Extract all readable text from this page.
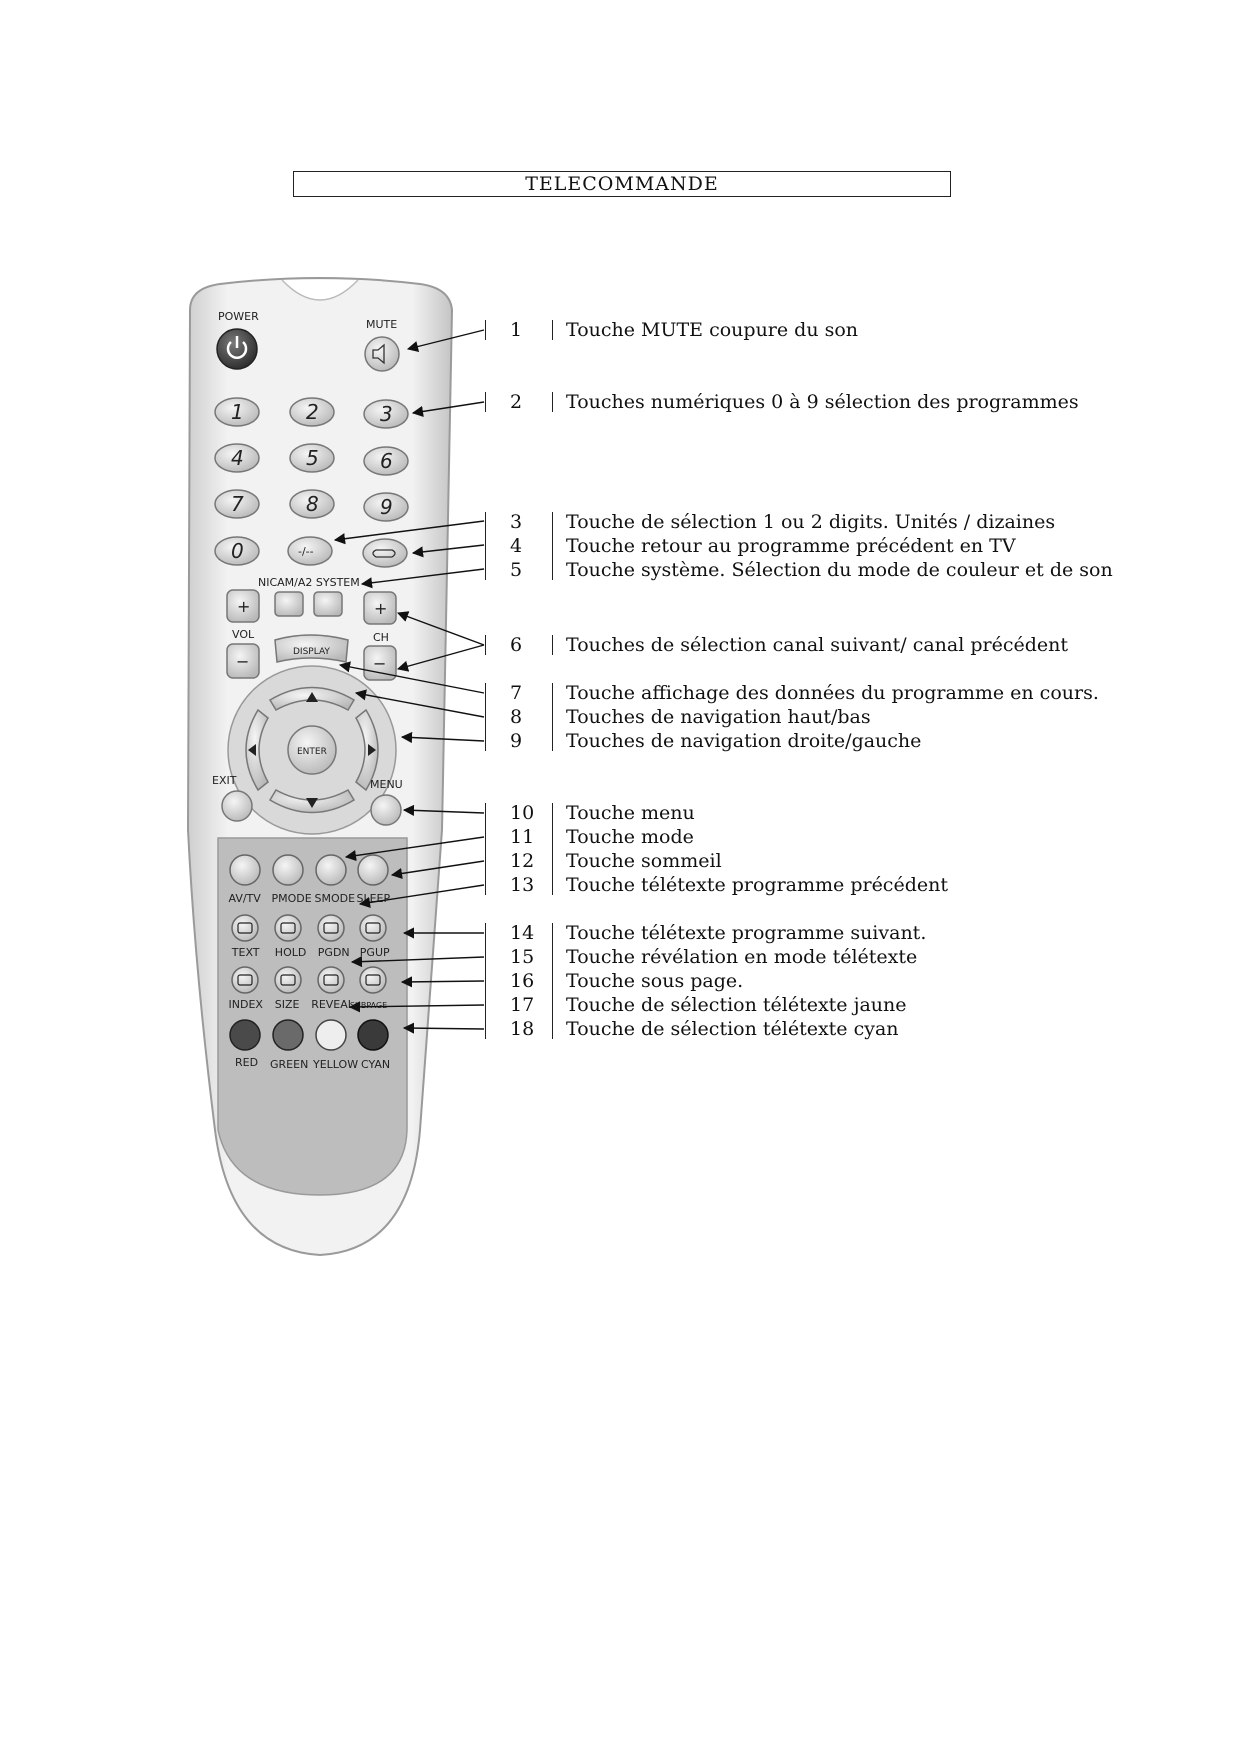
TELECOMMANDE
POWER
MUTE
1	2	3
4	5	6
7	8	9
0	-/--
NICAM/A2 SYSTEM
+
VOL
−
+
CH
−
DISPLAY
ENTER
EXIT	MENU
AV/TV PMODE SMODE SLEEP
TEXT HOLD PGDN PGUP
INDEX SIZE REVEAL
SUBPAGE
RED GREEN YELLOW CYAN
1	Touche MUTE coupure du son
2	Touches numériques 0 à 9 sélection des programmes
3	Touche de sélection 1 ou 2 digits. Unités / dizaines
4	Touche retour au programme précédent en TV
5	Touche système. Sélection du mode de couleur et de son
6	Touches de sélection canal suivant/ canal précédent
7	Touche affichage des données du programme en cours.
8	Touches de navigation haut/bas
9	Touches de navigation droite/gauche
10	Touche menu
11	Touche mode
12	Touche sommeil
13	Touche télétexte programme précédent
14	Touche télétexte programme suivant.
15	Touche révélation en mode télétexte
16	Touche sous page.
17	Touche de sélection télétexte jaune
18	Touche de sélection télétexte cyan
